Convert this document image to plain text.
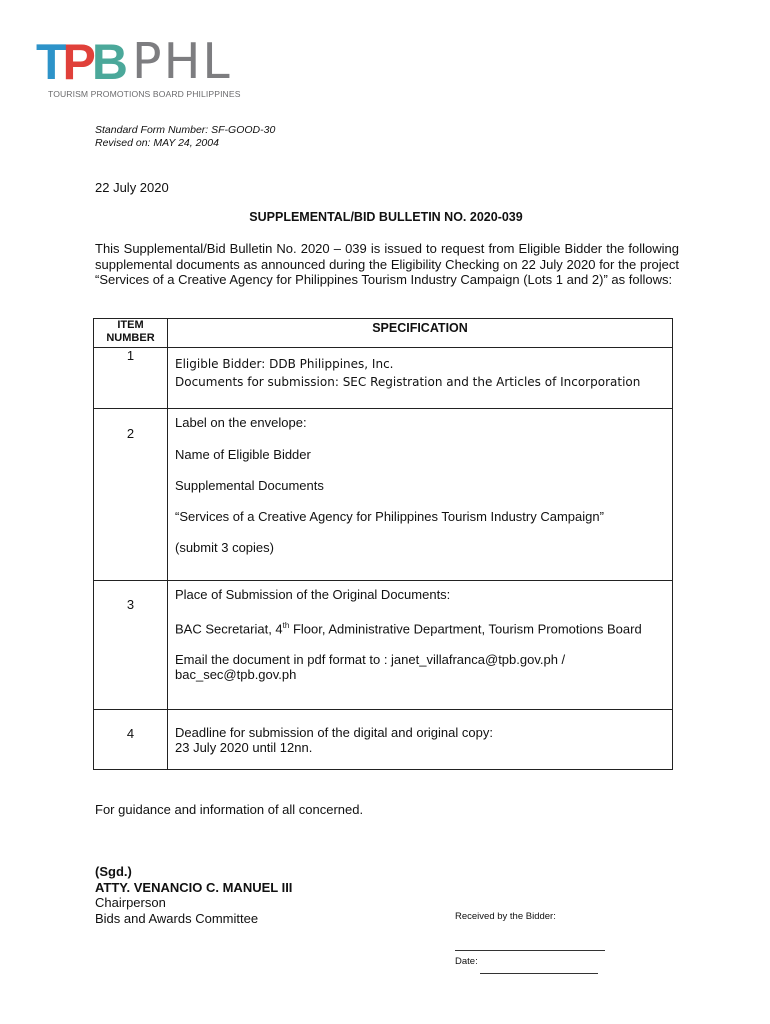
TPBPHL
TOURISM PROMOTIONS BOARD PHILIPPINES
Standard Form Number: SF-GOOD-30
Revised on: MAY 24, 2004
22 July 2020
SUPPLEMENTAL/BID BULLETIN NO. 2020-039
This Supplemental/Bid Bulletin No. 2020 – 039 is issued to request from Eligible Bidder the following supplemental documents as announced during the Eligibility Checking on 22 July 2020 for the project “Services of a Creative Agency for Philippines Tourism Industry Campaign (Lots 1 and 2)” as follows:
ITEM
NUMBER	SPECIFICATION
1	Eligible Bidder: DDB Philippines, Inc.

Documents for submission: SEC Registration and the Articles of Incorporation

2	Label on the envelope:

Name of Eligible Bidder

Supplemental Documents

“Services of a Creative Agency for Philippines Tourism Industry Campaign”

(submit 3 copies)

3	Place of Submission of the Original Documents:

BAC Secretariat, 4th Floor, Administrative Department, Tourism Promotions Board

Email the document in pdf format to : janet_villafranca@tpb.gov.ph / bac_sec@tpb.gov.ph

4	Deadline for submission of the digital and original copy:

23 July 2020 until 12nn.

For guidance and information of all concerned.
(Sgd.)
ATTY. VENANCIO C. MANUEL III
Chairperson
Bids and Awards Committee	Received by the Bidder:

Date:
